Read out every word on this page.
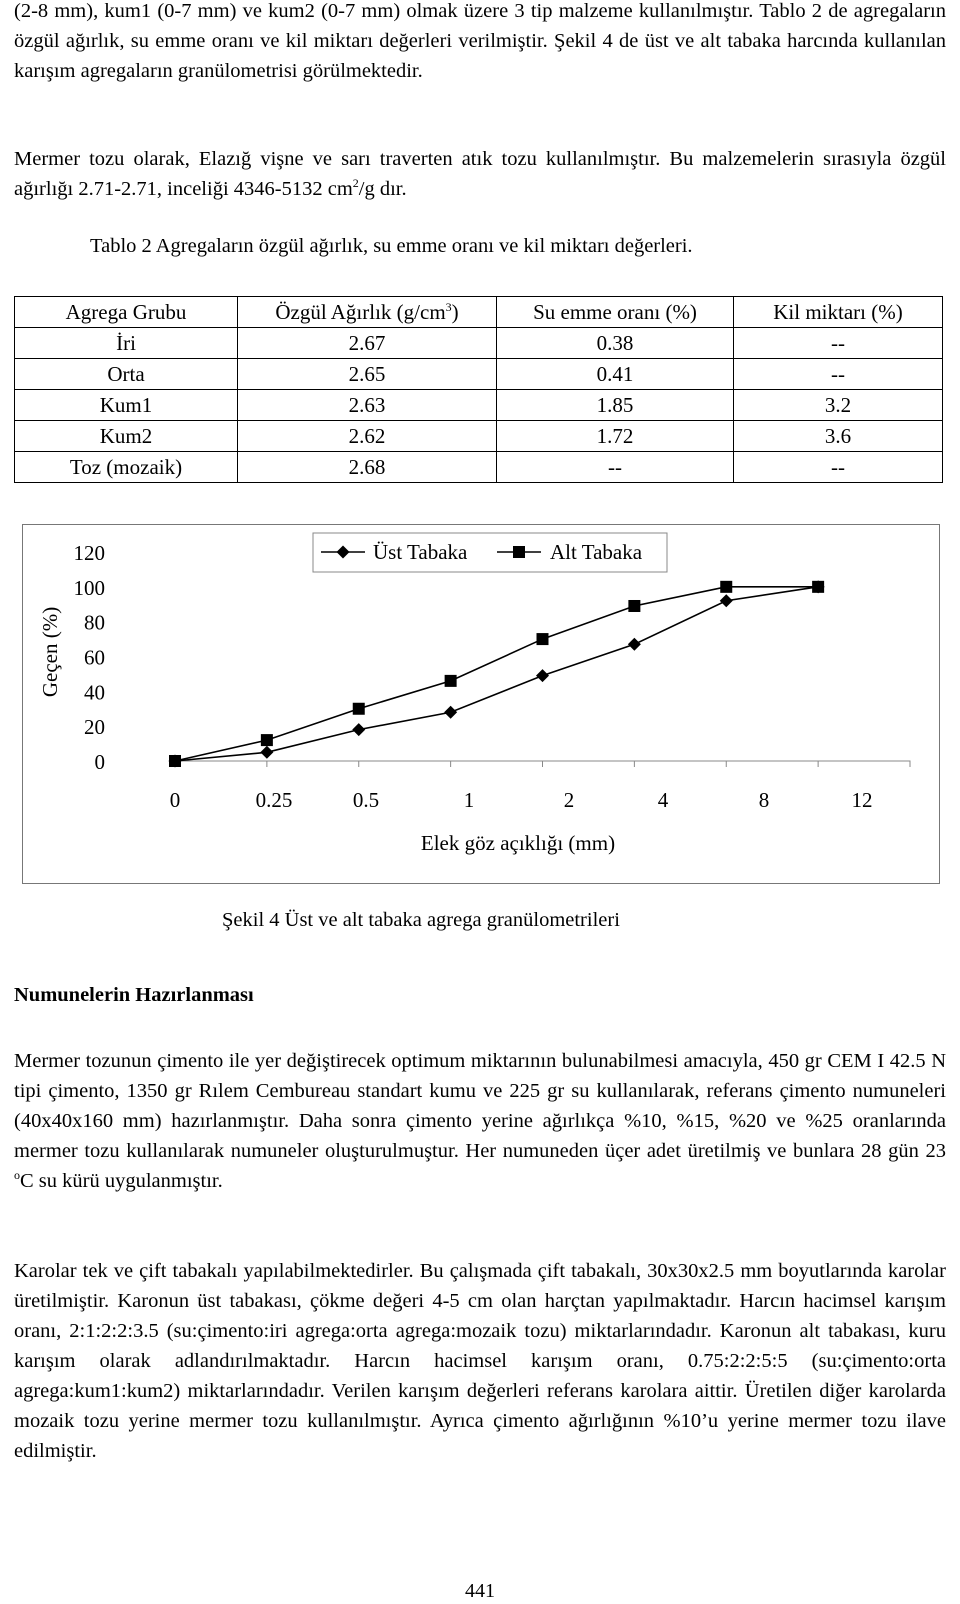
(2-8 mm), kum1 (0-7 mm) ve kum2 (0-7 mm) olmak üzere 3 tip malzeme kullanılmıştır. Tablo 2 de agregaların özgül ağırlık, su emme oranı ve kil miktarı değerleri verilmiştir. Şekil 4 de üst ve alt tabaka harcında kullanılan karışım agregaların granülometrisi görülmektedir.

Mermer tozu olarak, Elazığ vişne ve sarı traverten atık tozu kullanılmıştır. Bu malzemelerin sırasıyla özgül ağırlığı 2.71-2.71, inceliği 4346-5132 $cm^2/g$ dır.

Tablo 2 Agregaların özgül ağırlık, su emme oranı ve kil miktarı değerleri.

Agrega Grubu	Özgül Ağırlık $(g/cm^3)$	Su emme oranı (%)	Kil miktarı (%)
İri	2.67	0.38	--
Orta	2.65	0.41	--
Kum1	2.63	1.85	3.2
Kum2	2.62	1.72	3.6
Toz (mozaik)	2.68	--	--
120
100
80
60
40
20
0
Geçen (%)
0	0.25	0.5	1	2	4	8	12
Elek göz açıklığı (mm)
Üst Tabaka	Alt Tabaka

Şekil 4 Üst ve alt tabaka agrega granülometrileri

Numunelerin Hazırlanması

Mermer tozunun çimento ile yer değiştirecek optimum miktarının bulunabilmesi amacıyla, 450 gr CEM I 42.5 N tipi çimento, 1350 gr Rılem Cembureau standart kumu ve 225 gr su kullanılarak, referans çimento numuneleri (40x40x160 mm) hazırlanmıştır. Daha sonra çimento yerine ağırlıkça %10, %15, %20 ve %25 oranlarında mermer tozu kullanılarak numuneler oluşturulmuştur. Her numuneden üçer adet üretilmiş ve bunlara 28 gün 23 $^o$C su kürü uygulanmıştır.

Karolar tek ve çift tabakalı yapılabilmektedirler. Bu çalışmada çift tabakalı, 30x30x2.5 mm boyutlarında karolar üretilmiştir. Karonun üst tabakası, çökme değeri 4-5 cm olan harçtan yapılmaktadır. Harcın hacimsel karışım oranı, 2:1:2:2:3.5 (su:çimento:iri agrega:orta agrega:mozaik tozu) miktarlarındadır. Karonun alt tabakası, kuru karışım olarak adlandırılmaktadır. Harcın hacimsel karışım oranı, 0.75:2:2:5:5 (su:çimento:orta agrega:kum1:kum2) miktarlarındadır. Verilen karışım değerleri referans karolara aittir. Üretilen diğer karolarda mozaik tozu yerine mermer tozu kullanılmıştır. Ayrıca çimento ağırlığının %10’u yerine mermer tozu ilave edilmiştir.

441
